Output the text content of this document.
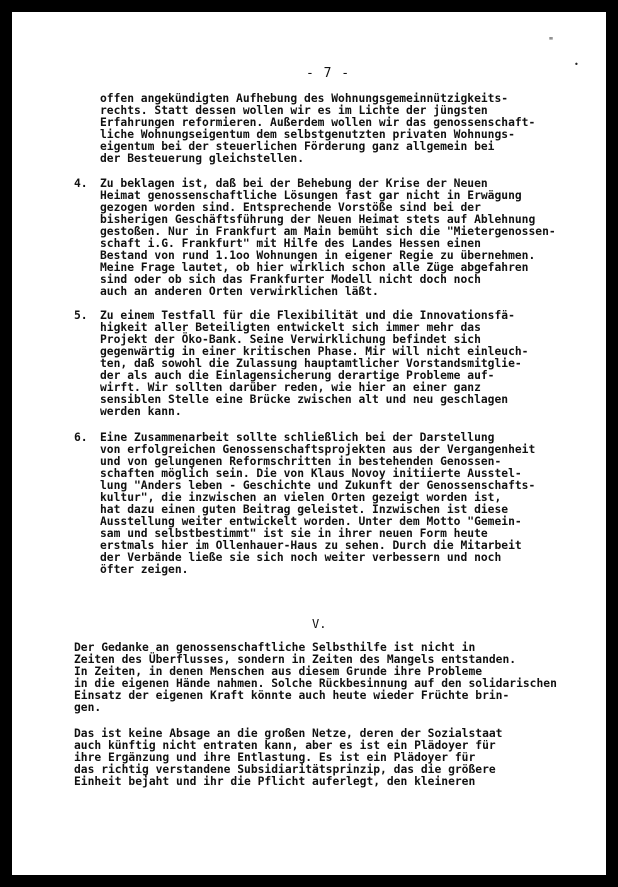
"
•
- 7 -
offen angekündigten Aufhebung des Wohnungsgemeinnützigkeits-
rechts. Statt dessen wollen wir es im Lichte der jüngsten
Erfahrungen reformieren. Außerdem wollen wir das genossenschaft-
liche Wohnungseigentum dem selbstgenutzten privaten Wohnungs-
eigentum bei der steuerlichen Förderung ganz allgemein bei
der Besteuerung gleichstellen.
4. Zu beklagen ist, daß bei der Behebung der Krise der Neuen
Heimat genossenschaftliche Lösungen fast gar nicht in Erwägung
gezogen worden sind. Entsprechende Vorstöße sind bei der
bisherigen Geschäftsführung der Neuen Heimat stets auf Ablehnung
gestoßen. Nur in Frankfurt am Main bemüht sich die "Mietergenossen-
schaft i.G. Frankfurt" mit Hilfe des Landes Hessen einen
Bestand von rund 1.1oo Wohnungen in eigener Regie zu übernehmen.
Meine Frage lautet, ob hier wirklich schon alle Züge abgefahren
sind oder ob sich das Frankfurter Modell nicht doch noch
auch an anderen Orten verwirklichen läßt.
5. Zu einem Testfall für die Flexibilität und die Innovationsfä-
higkeit aller Beteiligten entwickelt sich immer mehr das
Projekt der Öko-Bank. Seine Verwirklichung befindet sich
gegenwärtig in einer kritischen Phase. Mir will nicht einleuch-
ten, daß sowohl die Zulassung hauptamtlicher Vorstandsmitglie-
der als auch die Einlagensicherung derartige Probleme auf-
wirft. Wir sollten darüber reden, wie hier an einer ganz
sensiblen Stelle eine Brücke zwischen alt und neu geschlagen
werden kann.
6. Eine Zusammenarbeit sollte schließlich bei der Darstellung
von erfolgreichen Genossenschaftsprojekten aus der Vergangenheit
und von gelungenen Reformschritten in bestehenden Genossen-
schaften möglich sein. Die von Klaus Novoy initiierte Ausstel-
lung "Anders leben - Geschichte und Zukunft der Genossenschafts-
kultur", die inzwischen an vielen Orten gezeigt worden ist,
hat dazu einen guten Beitrag geleistet. Inzwischen ist diese
Ausstellung weiter entwickelt worden. Unter dem Motto "Gemein-
sam und selbstbestimmt" ist sie in ihrer neuen Form heute
erstmals hier im Ollenhauer-Haus zu sehen. Durch die Mitarbeit
der Verbände ließe sie sich noch weiter verbessern und noch
öfter zeigen.
V.
Der Gedanke an genossenschaftliche Selbsthilfe ist nicht in
Zeiten des Überflusses, sondern in Zeiten des Mangels entstanden.
In Zeiten, in denen Menschen aus diesem Grunde ihre Probleme
in die eigenen Hände nahmen. Solche Rückbesinnung auf den solidarischen
Einsatz der eigenen Kraft könnte auch heute wieder Früchte brin-
gen.
Das ist keine Absage an die großen Netze, deren der Sozialstaat
auch künftig nicht entraten kann, aber es ist ein Plädoyer für
ihre Ergänzung und ihre Entlastung. Es ist ein Plädoyer für
das richtig verstandene Subsidiaritätsprinzip, das die größere
Einheit bejaht und ihr die Pflicht auferlegt, den kleineren
